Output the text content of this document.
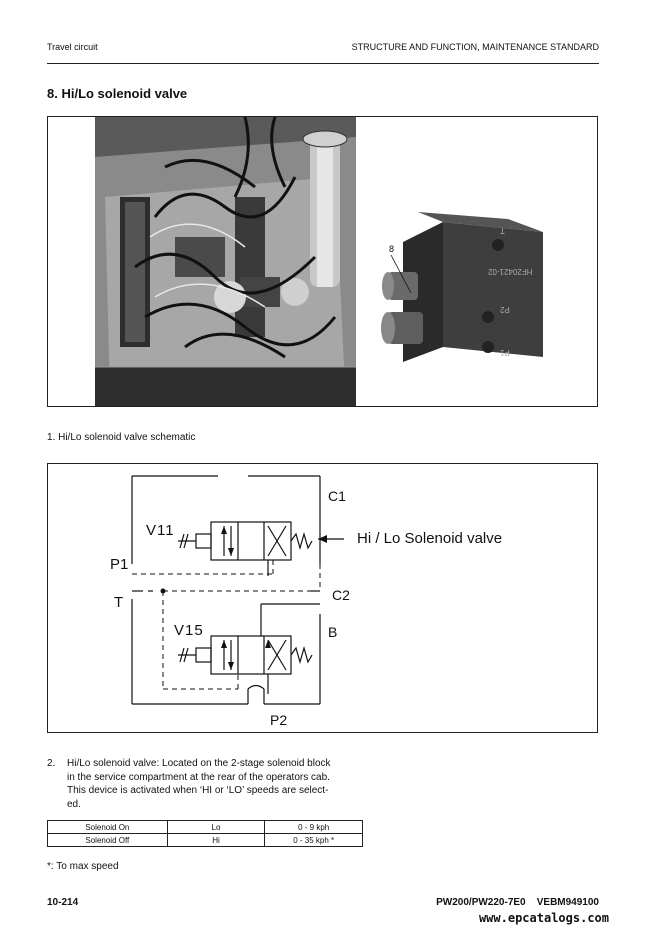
Travel circuit	STRUCTURE AND FUNCTION, MAINTENANCE STANDARD
8. Hi/Lo solenoid valve
8
HF20421-02
T
P2
P1
1. Hi/Lo solenoid valve schematic
C1
C2
V11
V15
P1
T
B
P2
Hi / Lo Solenoid valve
2. Hi/Lo solenoid valve: Located on the 2-stage solenoid block
in the service compartment at the rear of the operators cab.
This device is activated when ‘HI or ‘LO’ speeds are select-
ed.
Solenoid On	Lo	0 - 9 kph
Solenoid Off	Hi	0 - 35 kph *
*: To max speed
10-214	PW200/PW220-7E0    VEBM949100
www.epcatalogs.com
